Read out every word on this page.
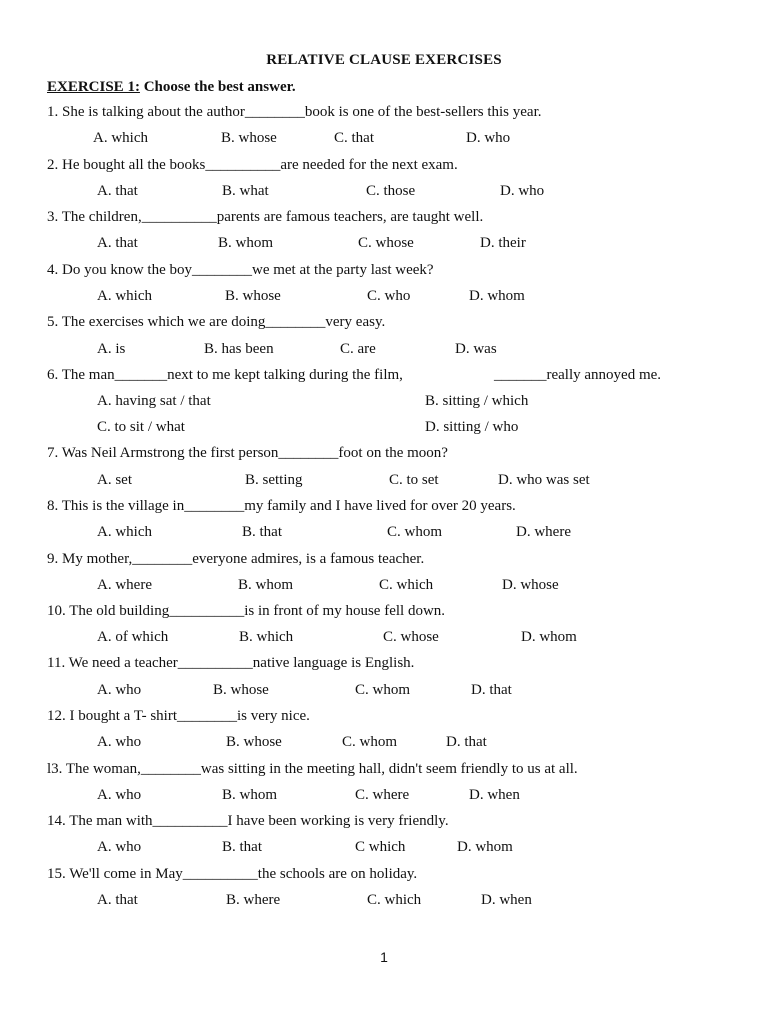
RELATIVE CLAUSE EXERCISES
EXERCISE 1: Choose the best answer.
1. She is talking about the author________book is one of the best-sellers this year.
A. which	B. whose	C. that	D. who
2. He bought all the books__________are needed for the next exam.
A. that	B. what	C. those	D. who
3. The children,__________parents are famous teachers, are taught well.
A. that	B. whom	C. whose	D. their
4. Do you know the boy________we met at the party last week?
A. which	B. whose	C. who	D. whom
5. The exercises which we are doing________very easy.
A. is	B. has been	C. are	D. was
6. The man_______next to me kept talking during the film,	_______really annoyed me.
A. having sat / that	B. sitting / which
C. to sit / what	D. sitting / who
7. Was Neil Armstrong the first person________foot on the moon?
A. set	B. setting	C. to set	D. who was set
8. This is the village in________my family and I have lived for over 20 years.
A. which	B. that	C. whom	D. where
9. My mother,________everyone admires, is a famous teacher.
A. where	B. whom	C. which	D. whose
10. The old building__________is in front of my house fell down.
A. of which	B. which	C. whose	D. whom
11. We need a teacher__________native language is English.
A. who	B. whose	C. whom	D. that
12. I bought a T- shirt________is very nice.
A. who	B. whose	C. whom	D. that
l3. The woman,________was sitting in the meeting hall, didn't seem friendly to us at all.
A. who	B. whom	C. where	D. when
14. The man with__________I have been working is very friendly.
A. who	B. that	C which	D. whom
15. We'll come in May__________the schools are on holiday.
A. that	B. where	C. which	D. when
1
